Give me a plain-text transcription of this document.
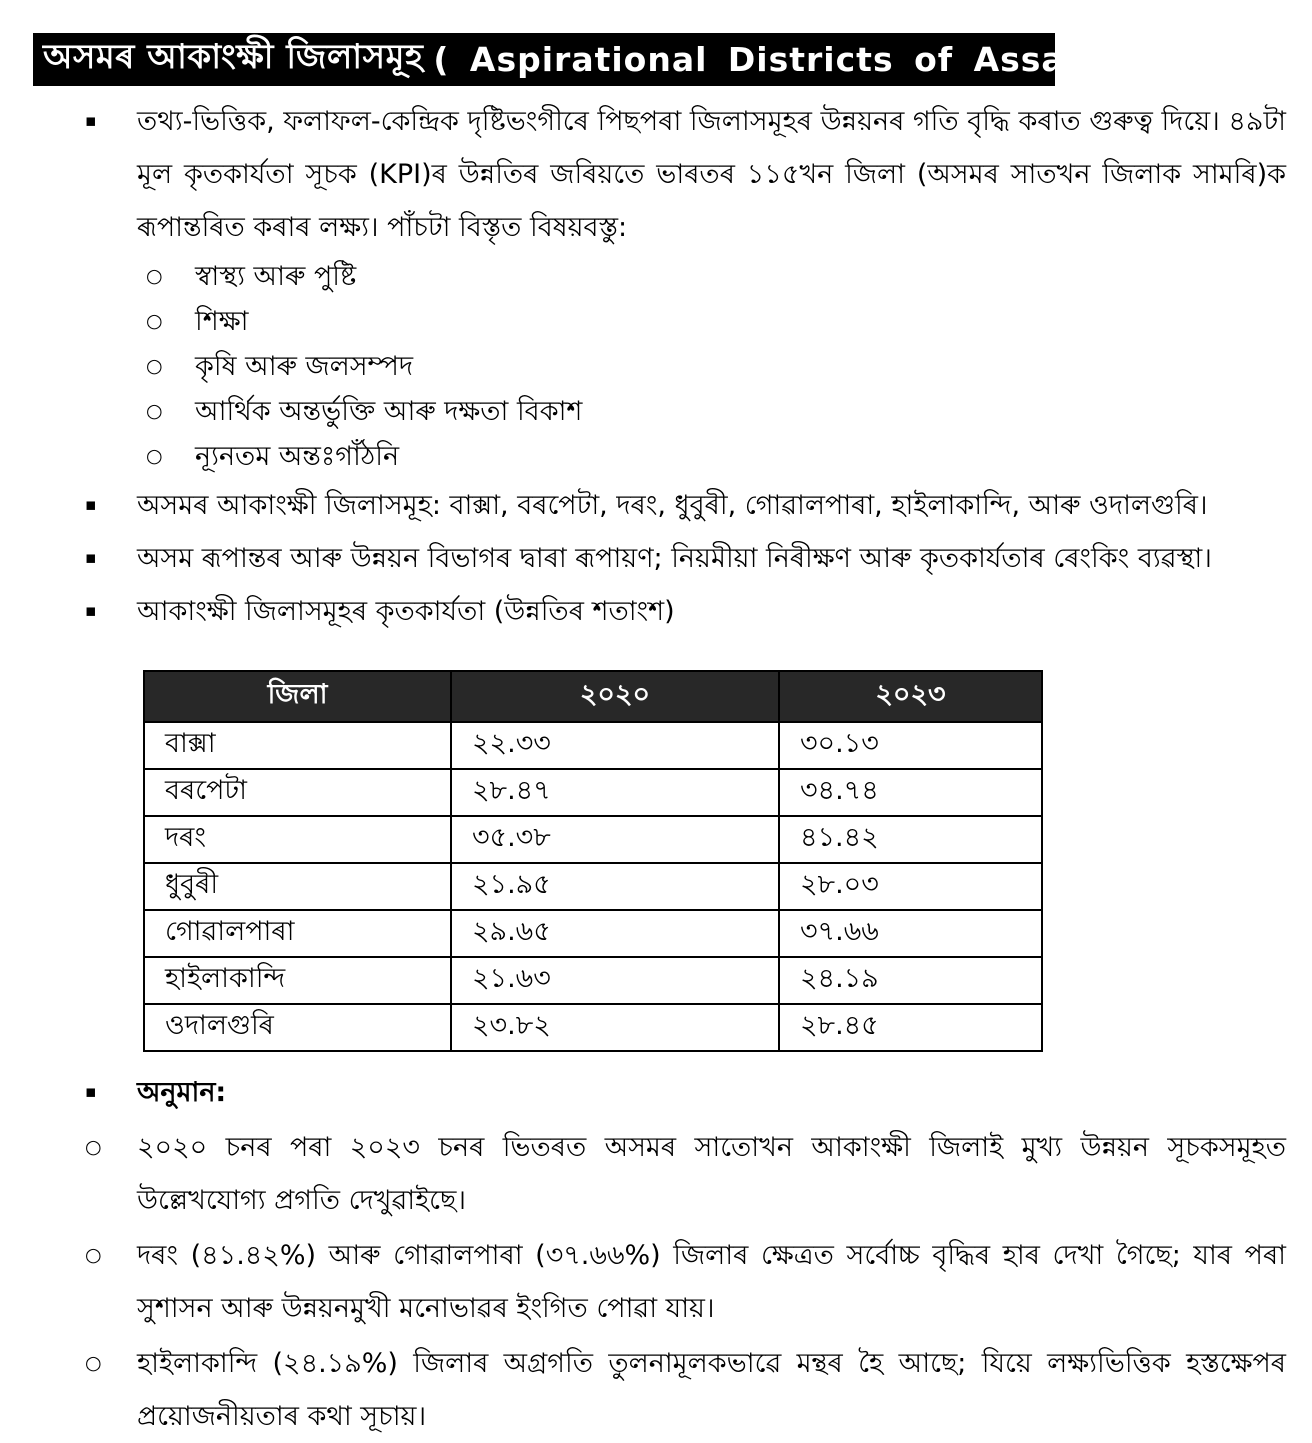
অসমৰ আকাংক্ষী জিলাসমূহ ( Aspirational Districts of Assam )
▪	তথ্য-ভিত্তিক, ফলাফল-কেন্দ্ৰিক দৃষ্টিভংগীৰে পিছপৰা জিলাসমূহৰ উন্নয়নৰ গতি বৃদ্ধি কৰাত গুৰুত্ব দিয়ে। ৪৯টা মূল কৃতকাৰ্যতা সূচক (KPI)ৰ উন্নতিৰ জৰিয়তে ভাৰতৰ ১১৫খন জিলা (অসমৰ সাতখন জিলাক সামৰি)ক ৰূপান্তৰিত কৰাৰ লক্ষ্য। পাঁচটা বিস্তৃত বিষয়বস্তু:
○	স্বাস্থ্য আৰু পুষ্টি
○	শিক্ষা
○	কৃষি আৰু জলসম্পদ
○	আৰ্থিক অন্তৰ্ভুক্তি আৰু দক্ষতা বিকাশ
○	ন্যূনতম অন্তঃগাঁঠনি
▪	অসমৰ আকাংক্ষী জিলাসমূহ: বাক্সা, বৰপেটা, দৰং, ধুবুৰী, গোৱালপাৰা, হাইলাকান্দি, আৰু ওদালগুৰি।
▪	অসম ৰূপান্তৰ আৰু উন্নয়ন বিভাগৰ দ্বাৰা ৰূপায়ণ; নিয়মীয়া নিৰীক্ষণ আৰু কৃতকাৰ্যতাৰ ৰেংকিং ব্যৱস্থা।
▪	আকাংক্ষী জিলাসমূহৰ কৃতকাৰ্যতা (উন্নতিৰ শতাংশ)
জিলা	২০২০	২০২৩
বাক্সা	২২.৩৩	৩০.১৩
বৰপেটা	২৮.৪৭	৩৪.৭৪
দৰং	৩৫.৩৮	৪১.৪২
ধুবুৰী	২১.৯৫	২৮.০৩
গোৱালপাৰা	২৯.৬৫	৩৭.৬৬
হাইলাকান্দি	২১.৬৩	২৪.১৯
ওদালগুৰি	২৩.৮২	২৮.৪৫
▪	অনুমান:
○	২০২০ চনৰ পৰা ২০২৩ চনৰ ভিতৰত অসমৰ সাতোখন আকাংক্ষী জিলাই মুখ্য উন্নয়ন সূচকসমূহত উল্লেখযোগ্য প্ৰগতি দেখুৱাইছে।
○	দৰং (৪১.৪২%) আৰু গোৱালপাৰা (৩৭.৬৬%) জিলাৰ ক্ষেত্ৰত সৰ্বোচ্চ বৃদ্ধিৰ হাৰ দেখা গৈছে; যাৰ পৰা সুশাসন আৰু উন্নয়নমুখী মনোভাৱৰ ইংগিত পোৱা যায়।
○	হাইলাকান্দি (২৪.১৯%) জিলাৰ অগ্ৰগতি তুলনামূলকভাৱে মন্থৰ হৈ আছে; যিয়ে লক্ষ্যভিত্তিক হস্তক্ষেপৰ প্ৰয়োজনীয়তাৰ কথা সূচায়।
